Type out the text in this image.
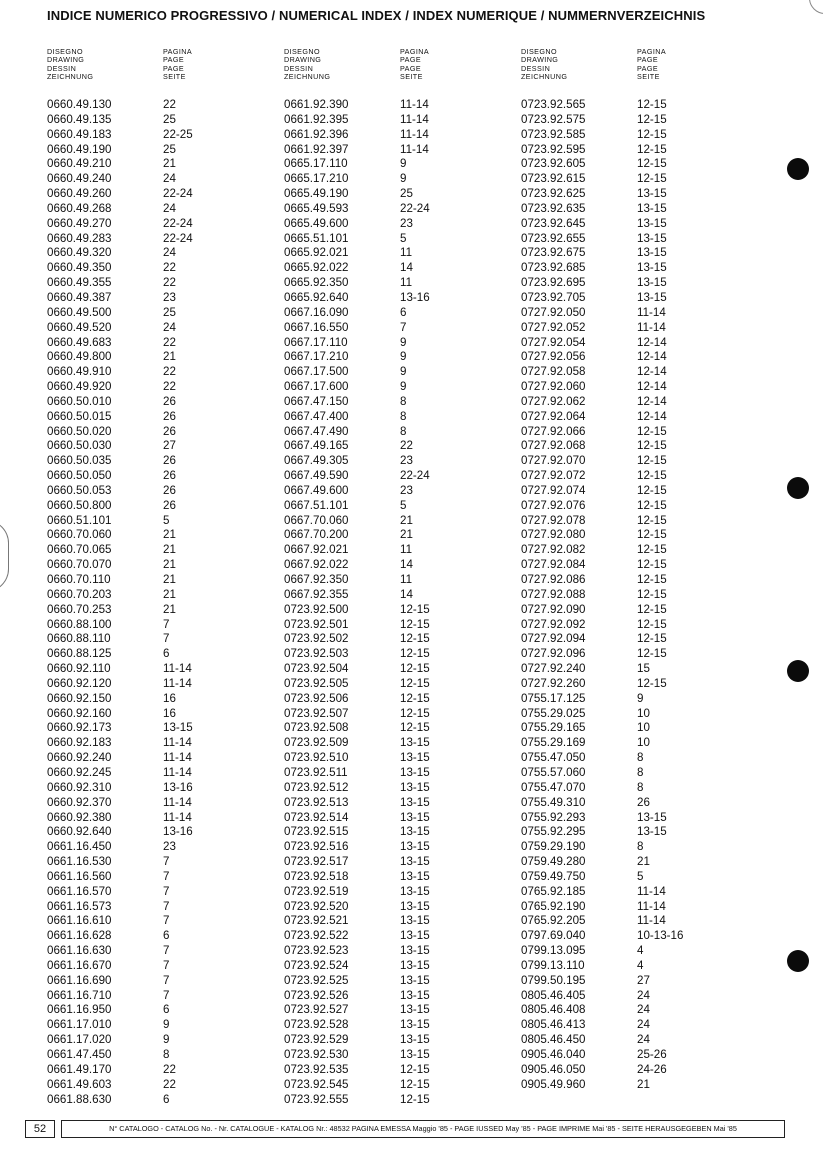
INDICE NUMERICO PROGRESSIVO / NUMERICAL INDEX / INDEX NUMERIQUE / NUMMERNVERZEICHNIS
DISEGNO
DRAWING
DESSIN
ZEICHNUNG
PAGINA
PAGE
PAGE
SEITE
0660.49.130	22
0660.49.135	25
0660.49.183	22-25
0660.49.190	25
0660.49.210	21
0660.49.240	24
0660.49.260	22-24
0660.49.268	24
0660.49.270	22-24
0660.49.283	22-24
0660.49.320	24
0660.49.350	22
0660.49.355	22
0660.49.387	23
0660.49.500	25
0660.49.520	24
0660.49.683	22
0660.49.800	21
0660.49.910	22
0660.49.920	22
0660.50.010	26
0660.50.015	26
0660.50.020	26
0660.50.030	27
0660.50.035	26
0660.50.050	26
0660.50.053	26
0660.50.800	26
0660.51.101	5
0660.70.060	21
0660.70.065	21
0660.70.070	21
0660.70.110	21
0660.70.203	21
0660.70.253	21
0660.88.100	7
0660.88.110	7
0660.88.125	6
0660.92.110	11-14
0660.92.120	11-14
0660.92.150	16
0660.92.160	16
0660.92.173	13-15
0660.92.183	11-14
0660.92.240	11-14
0660.92.245	11-14
0660.92.310	13-16
0660.92.370	11-14
0660.92.380	11-14
0660.92.640	13-16
0661.16.450	23
0661.16.530	7
0661.16.560	7
0661.16.570	7
0661.16.573	7
0661.16.610	7
0661.16.628	6
0661.16.630	7
0661.16.670	7
0661.16.690	7
0661.16.710	7
0661.16.950	6
0661.17.010	9
0661.17.020	9
0661.47.450	8
0661.49.170	22
0661.49.603	22
0661.88.630	6
DISEGNO
DRAWING
DESSIN
ZEICHNUNG
PAGINA
PAGE
PAGE
SEITE
0661.92.390	11-14
0661.92.395	11-14
0661.92.396	11-14
0661.92.397	11-14
0665.17.110	9
0665.17.210	9
0665.49.190	25
0665.49.593	22-24
0665.49.600	23
0665.51.101	5
0665.92.021	11
0665.92.022	14
0665.92.350	11
0665.92.640	13-16
0667.16.090	6
0667.16.550	7
0667.17.110	9
0667.17.210	9
0667.17.500	9
0667.17.600	9
0667.47.150	8
0667.47.400	8
0667.47.490	8
0667.49.165	22
0667.49.305	23
0667.49.590	22-24
0667.49.600	23
0667.51.101	5
0667.70.060	21
0667.70.200	21
0667.92.021	11
0667.92.022	14
0667.92.350	11
0667.92.355	14
0723.92.500	12-15
0723.92.501	12-15
0723.92.502	12-15
0723.92.503	12-15
0723.92.504	12-15
0723.92.505	12-15
0723.92.506	12-15
0723.92.507	12-15
0723.92.508	12-15
0723.92.509	13-15
0723.92.510	13-15
0723.92.511	13-15
0723.92.512	13-15
0723.92.513	13-15
0723.92.514	13-15
0723.92.515	13-15
0723.92.516	13-15
0723.92.517	13-15
0723.92.518	13-15
0723.92.519	13-15
0723.92.520	13-15
0723.92.521	13-15
0723.92.522	13-15
0723.92.523	13-15
0723.92.524	13-15
0723.92.525	13-15
0723.92.526	13-15
0723.92.527	13-15
0723.92.528	13-15
0723.92.529	13-15
0723.92.530	13-15
0723.92.535	12-15
0723.92.545	12-15
0723.92.555	12-15
DISEGNO
DRAWING
DESSIN
ZEICHNUNG
PAGINA
PAGE
PAGE
SEITE
0723.92.565	12-15
0723.92.575	12-15
0723.92.585	12-15
0723.92.595	12-15
0723.92.605	12-15
0723.92.615	12-15
0723.92.625	13-15
0723.92.635	13-15
0723.92.645	13-15
0723.92.655	13-15
0723.92.675	13-15
0723.92.685	13-15
0723.92.695	13-15
0723.92.705	13-15
0727.92.050	11-14
0727.92.052	11-14
0727.92.054	12-14
0727.92.056	12-14
0727.92.058	12-14
0727.92.060	12-14
0727.92.062	12-14
0727.92.064	12-14
0727.92.066	12-15
0727.92.068	12-15
0727.92.070	12-15
0727.92.072	12-15
0727.92.074	12-15
0727.92.076	12-15
0727.92.078	12-15
0727.92.080	12-15
0727.92.082	12-15
0727.92.084	12-15
0727.92.086	12-15
0727.92.088	12-15
0727.92.090	12-15
0727.92.092	12-15
0727.92.094	12-15
0727.92.096	12-15
0727.92.240	15
0727.92.260	12-15
0755.17.125	9
0755.29.025	10
0755.29.165	10
0755.29.169	10
0755.47.050	8
0755.57.060	8
0755.47.070	8
0755.49.310	26
0755.92.293	13-15
0755.92.295	13-15
0759.29.190	8
0759.49.280	21
0759.49.750	5
0765.92.185	11-14
0765.92.190	11-14
0765.92.205	11-14
0797.69.040	10-13-16
0799.13.095	4
0799.13.110	4
0799.50.195	27
0805.46.405	24
0805.46.408	24
0805.46.413	24
0805.46.450	24
0905.46.040	25-26
0905.46.050	24-26
0905.49.960	21
52	N° CATALOGO - CATALOG No. - Nr. CATALOGUE - KATALOG Nr.: 48532 PAGINA EMESSA Maggio '85 - PAGE IUSSED May '85 - PAGE IMPRIME Mai '85 - SEITE HERAUSGEGEBEN Mai '85
